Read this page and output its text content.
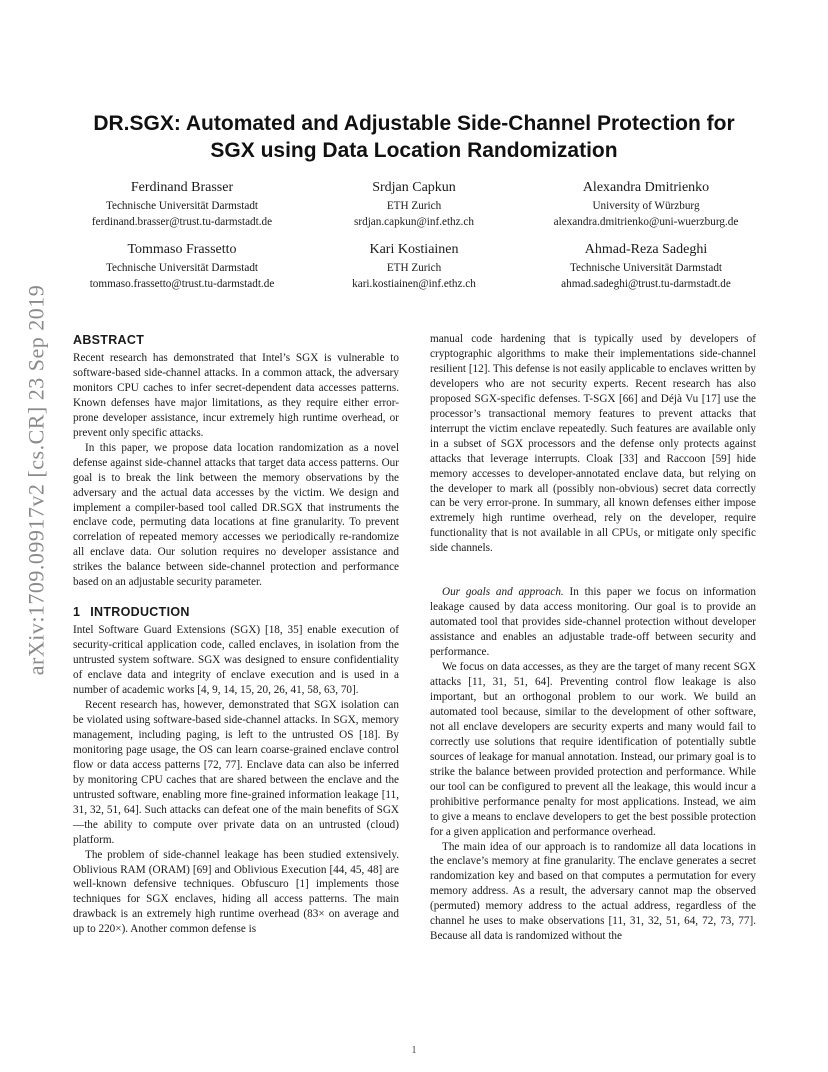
arXiv:1709.09917v2 [cs.CR] 23 Sep 2019
DR.SGX: Automated and Adjustable Side-Channel Protection for SGX using Data Location Randomization
Ferdinand Brasser
Technische Universität Darmstadt
ferdinand.brasser@trust.tu-darmstadt.de
Srdjan Capkun
ETH Zurich
srdjan.capkun@inf.ethz.ch
Alexandra Dmitrienko
University of Würzburg
alexandra.dmitrienko@uni-wuerzburg.de
Tommaso Frassetto
Technische Universität Darmstadt
tommaso.frassetto@trust.tu-darmstadt.de
Kari Kostiainen
ETH Zurich
kari.kostiainen@inf.ethz.ch
Ahmad-Reza Sadeghi
Technische Universität Darmstadt
ahmad.sadeghi@trust.tu-darmstadt.de
ABSTRACT

Recent research has demonstrated that Intel’s SGX is vulnerable to software-based side-channel attacks. In a common attack, the adversary monitors CPU caches to infer secret-dependent data accesses patterns. Known defenses have major limitations, as they require either error-prone developer assistance, incur extremely high runtime overhead, or prevent only specific attacks.

In this paper, we propose data location randomization as a novel defense against side-channel attacks that target data access patterns. Our goal is to break the link between the memory observations by the adversary and the actual data accesses by the victim. We design and implement a compiler-based tool called DR.SGX that instruments the enclave code, permuting data locations at fine granularity. To prevent correlation of repeated memory accesses we periodically re-randomize all enclave data. Our solution requires no developer assistance and strikes the balance between side-channel protection and performance based on an adjustable security parameter.

1 INTRODUCTION

Intel Software Guard Extensions (SGX) [18, 35] enable execution of security-critical application code, called enclaves, in isolation from the untrusted system software. SGX was designed to ensure confidentiality of enclave data and integrity of enclave execution and is used in a number of academic works [4, 9, 14, 15, 20, 26, 41, 58, 63, 70].

Recent research has, however, demonstrated that SGX isolation can be violated using software-based side-channel attacks. In SGX, memory management, including paging, is left to the untrusted OS [18]. By monitoring page usage, the OS can learn coarse-grained enclave control flow or data access patterns [72, 77]. Enclave data can also be inferred by monitoring CPU caches that are shared between the enclave and the untrusted software, enabling more fine-grained information leakage [11, 31, 32, 51, 64]. Such attacks can defeat one of the main benefits of SGX—the ability to compute over private data on an untrusted (cloud) platform.

The problem of side-channel leakage has been studied extensively. Oblivious RAM (ORAM) [69] and Oblivious Execution [44, 45, 48] are well-known defensive techniques. Obfuscuro [1] implements those techniques for SGX enclaves, hiding all access patterns. The main drawback is an extremely high runtime overhead (83× on average and up to 220×). Another common defense is

manual code hardening that is typically used by developers of cryptographic algorithms to make their implementations side-channel resilient [12]. This defense is not easily applicable to enclaves written by developers who are not security experts. Recent research has also proposed SGX-specific defenses. T-SGX [66] and Déjà Vu [17] use the processor’s transactional memory features to prevent attacks that interrupt the victim enclave repeatedly. Such features are available only in a subset of SGX processors and the defense only protects against attacks that leverage interrupts. Cloak [33] and Raccoon [59] hide memory accesses to developer-annotated enclave data, but relying on the developer to mark all (possibly non-obvious) secret data correctly can be very error-prone. In summary, all known defenses either impose extremely high runtime overhead, rely on the developer, require functionality that is not available in all CPUs, or mitigate only specific side channels.

Our goals and approach. In this paper we focus on information leakage caused by data access monitoring. Our goal is to provide an automated tool that provides side-channel protection without developer assistance and enables an adjustable trade-off between security and performance.

We focus on data accesses, as they are the target of many recent SGX attacks [11, 31, 51, 64]. Preventing control flow leakage is also important, but an orthogonal problem to our work. We build an automated tool because, similar to the development of other software, not all enclave developers are security experts and many would fail to correctly use solutions that require identification of potentially subtle sources of leakage for manual annotation. Instead, our primary goal is to strike the balance between provided protection and performance. While our tool can be configured to prevent all the leakage, this would incur a prohibitive performance penalty for most applications. Instead, we aim to give a means to enclave developers to get the best possible protection for a given application and performance overhead.

The main idea of our approach is to randomize all data locations in the enclave’s memory at fine granularity. The enclave generates a secret randomization key and based on that computes a permutation for every memory address. As a result, the adversary cannot map the observed (permuted) memory address to the actual address, regardless of the channel he uses to make observations [11, 31, 32, 51, 64, 72, 73, 77]. Because all data is randomized without the

1
